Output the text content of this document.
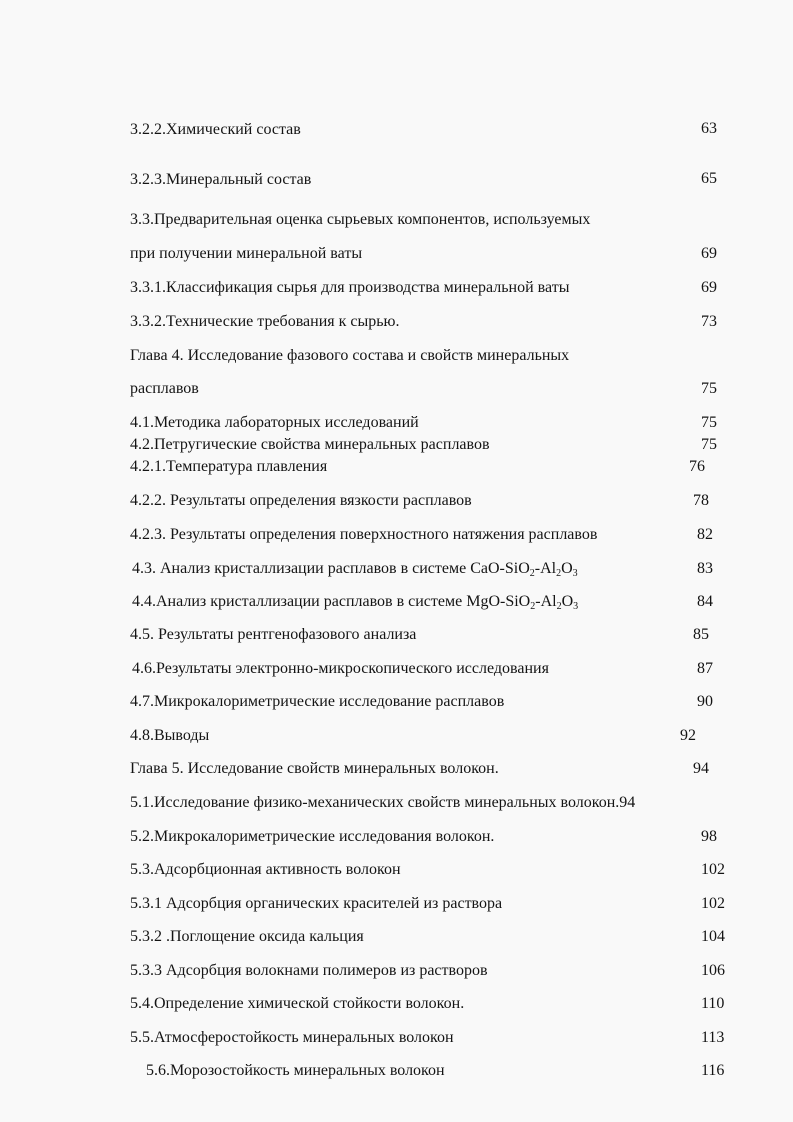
3.2.2.Химический состав	63
3.2.3.Минеральный состав	65
3.3.Предварительная оценка сырьевых компонентов, используемых
при получении минеральной ваты	69
3.3.1.Классификация сырья для производства минеральной ваты	69
3.3.2.Технические требования к сырью.	73
Глава 4. Исследование фазового состава и свойств минеральных
расплавов	75
4.1.Методика лабораторных исследований	75
4.2.Петругические свойства минеральных расплавов	75
4.2.1.Температура плавления	76
4.2.2. Результаты определения вязкости расплавов	78
4.2.3. Результаты определения поверхностного натяжения расплавов	82
4.3. Анализ кристаллизации расплавов в системе CaO-$SiO_2-Al_2O_3$	83
4.4.Анализ кристаллизации расплавов в системе MgO-$SiO_2-Al_2O_3$	84
4.5. Результаты рентгенофазового анализа	85
4.6.Результаты электронно-микроскопического исследования	87
4.7.Микрокалориметрические исследование расплавов	90
4.8.Выводы	92
Глава 5. Исследование свойств минеральных волокон.	94
5.1.Исследование физико-механических свойств минеральных волокон.94
5.2.Микрокалориметрические исследования волокон.	98
5.3.Адсорбционная активность волокон	102
5.3.1 Адсорбция органических красителей из раствора	102
5.3.2 .Поглощение оксида кальция	104
5.3.3 Адсорбция волокнами полимеров из растворов	106
5.4.Определение химической стойкости волокон.	110
5.5.Атмосферостойкость минеральных волокон	113
5.6.Морозостойкость минеральных волокон	116
